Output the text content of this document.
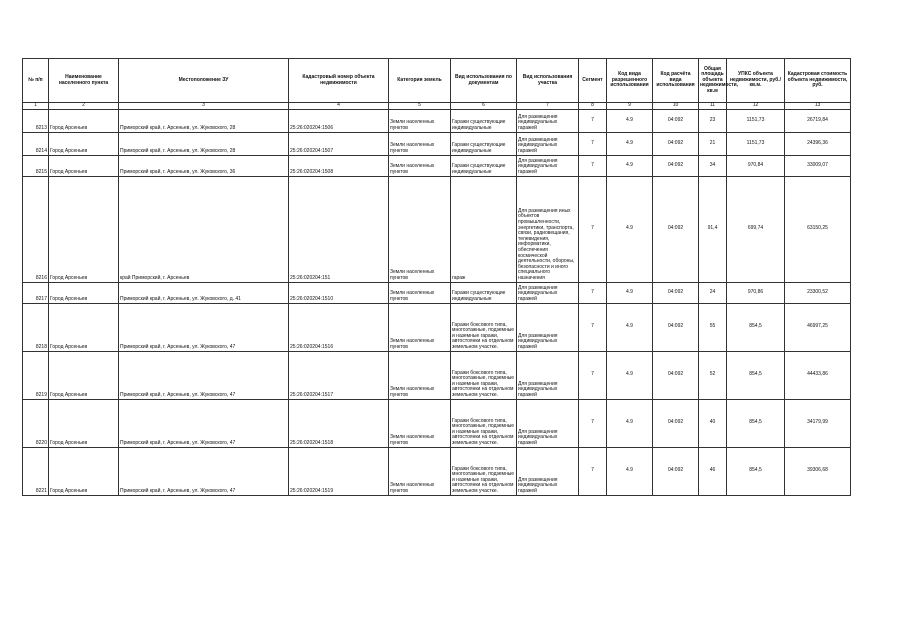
№ п/п	Наименование населенного пункта	Местоположение ЗУ	Кадастровый номер объекта недвижимости	Категория земель	Вид использования по документам	Вид использования участка	Сегмент	Код вида разрешенного использования	Код расчёта вида использования	Общая площадь объекта недвижимости, кв.м	УПКС объекта недвижимости, руб./кв.м.	Кадастровая стоимость объекта недвижимости, руб.
1	2	3	4	5	6	7	8	9	10	11	12	13
8213	Город Арсеньев	Приморский край, г. Арсеньев, ул. Жуковского, 28	25:26:020204:1506	Земли населенных пунктов	Гаражи существующие индивидуальные	Для размещения индивидуальных гаражей	7	4.9	04:092	23	1151,73	26719,84
8214	Город Арсеньев	Приморский край, г. Арсеньев, ул. Жуковского, 28	25:26:020204:1507	Земли населенных пунктов	Гаражи существующие индивидуальные	Для размещения индивидуальных гаражей	7	4.9	04:092	21	1151,73	24396,36
8215	Город Арсеньев	Приморский край, г. Арсеньев, ул. Жуковского, 36	25:26:020204:1508	Земли населенных пунктов	Гаражи существующие индивидуальные	Для размещения индивидуальных гаражей	7	4.9	04:092	34	970,84	33009,07
8216	Город Арсеньев	край Приморский, г. Арсеньев	25:26:020204:151	Земли населенных пунктов	гараж	Для размещения иных объектов промышленности, энергетики, транспорта, связи, радиовещания, телевидения, информатики, обеспечения космической деятельности, обороны, безопасности и иного специального назначения	7	4.9	04:092	91,4	699,74	63150,25
8217	Город Арсеньев	Приморский край, г. Арсеньев, ул. Жуковского, д. 41	25:26:020204:1510	Земли населенных пунктов	Гаражи существующие индивидуальные	Для размещения индивидуальных гаражей	7	4.9	04:092	24	970,86	23300,52
8218	Город Арсеньев	Приморский край, г. Арсеньев, ул. Жуковского, 47	25:26:020204:1516	Земли населенных пунктов	Гаражи боксового типа, многоэтажные, подземные и наземные гаражи, автостоянки на отдельном земельном участке.	Для размещения индивидуальных гаражей	7	4.9	04:092	55	854,5	46997,25
8219	Город Арсеньев	Приморский край, г. Арсеньев, ул. Жуковского, 47	25:26:020204:1517	Земли населенных пунктов	Гаражи боксового типа, многоэтажные, подземные и наземные гаражи, автостоянки на отдельном земельном участке.	Для размещения индивидуальных гаражей	7	4.9	04:092	52	854,5	44433,86
8220	Город Арсеньев	Приморский край, г. Арсеньев, ул. Жуковского, 47	25:26:020204:1518	Земли населенных пунктов	Гаражи боксового типа, многоэтажные, подземные и наземные гаражи, автостоянки на отдельном земельном участке.	Для размещения индивидуальных гаражей	7	4.9	04:092	40	854,5	34179,99
8221	Город Арсеньев	Приморский край, г. Арсеньев, ул. Жуковского, 47	25:26:020204:1519	Земли населенных пунктов	Гаражи боксового типа, многоэтажные, подземные и наземные гаражи, автостоянки на отдельном земельном участке.	Для размещения индивидуальных гаражей	7	4.9	04:092	46	854,5	39306,68
